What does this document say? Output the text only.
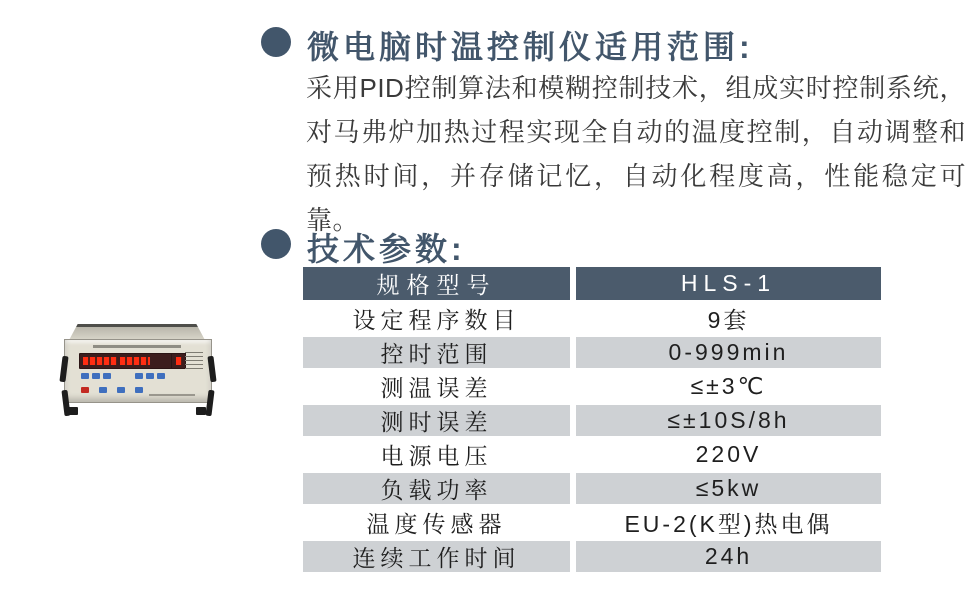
微电脑时温控制仪适用范围:

采用PID控制算法和模糊控制技术，组成实时控制系统，对马弗炉加热过程实现全自动的温度控制，自动调整和预热时间，并存储记忆，自动化程度高，性能稳定可靠。

技术参数:
规格型号	HLS-1
设定程序数目	9套
控时范围	0-999min
测温误差	≤±3℃
测时误差	≤±10S/8h
电源电压	220V
负载功率	≤5kw
温度传感器	EU-2(K型)热电偶
连续工作时间	24h
